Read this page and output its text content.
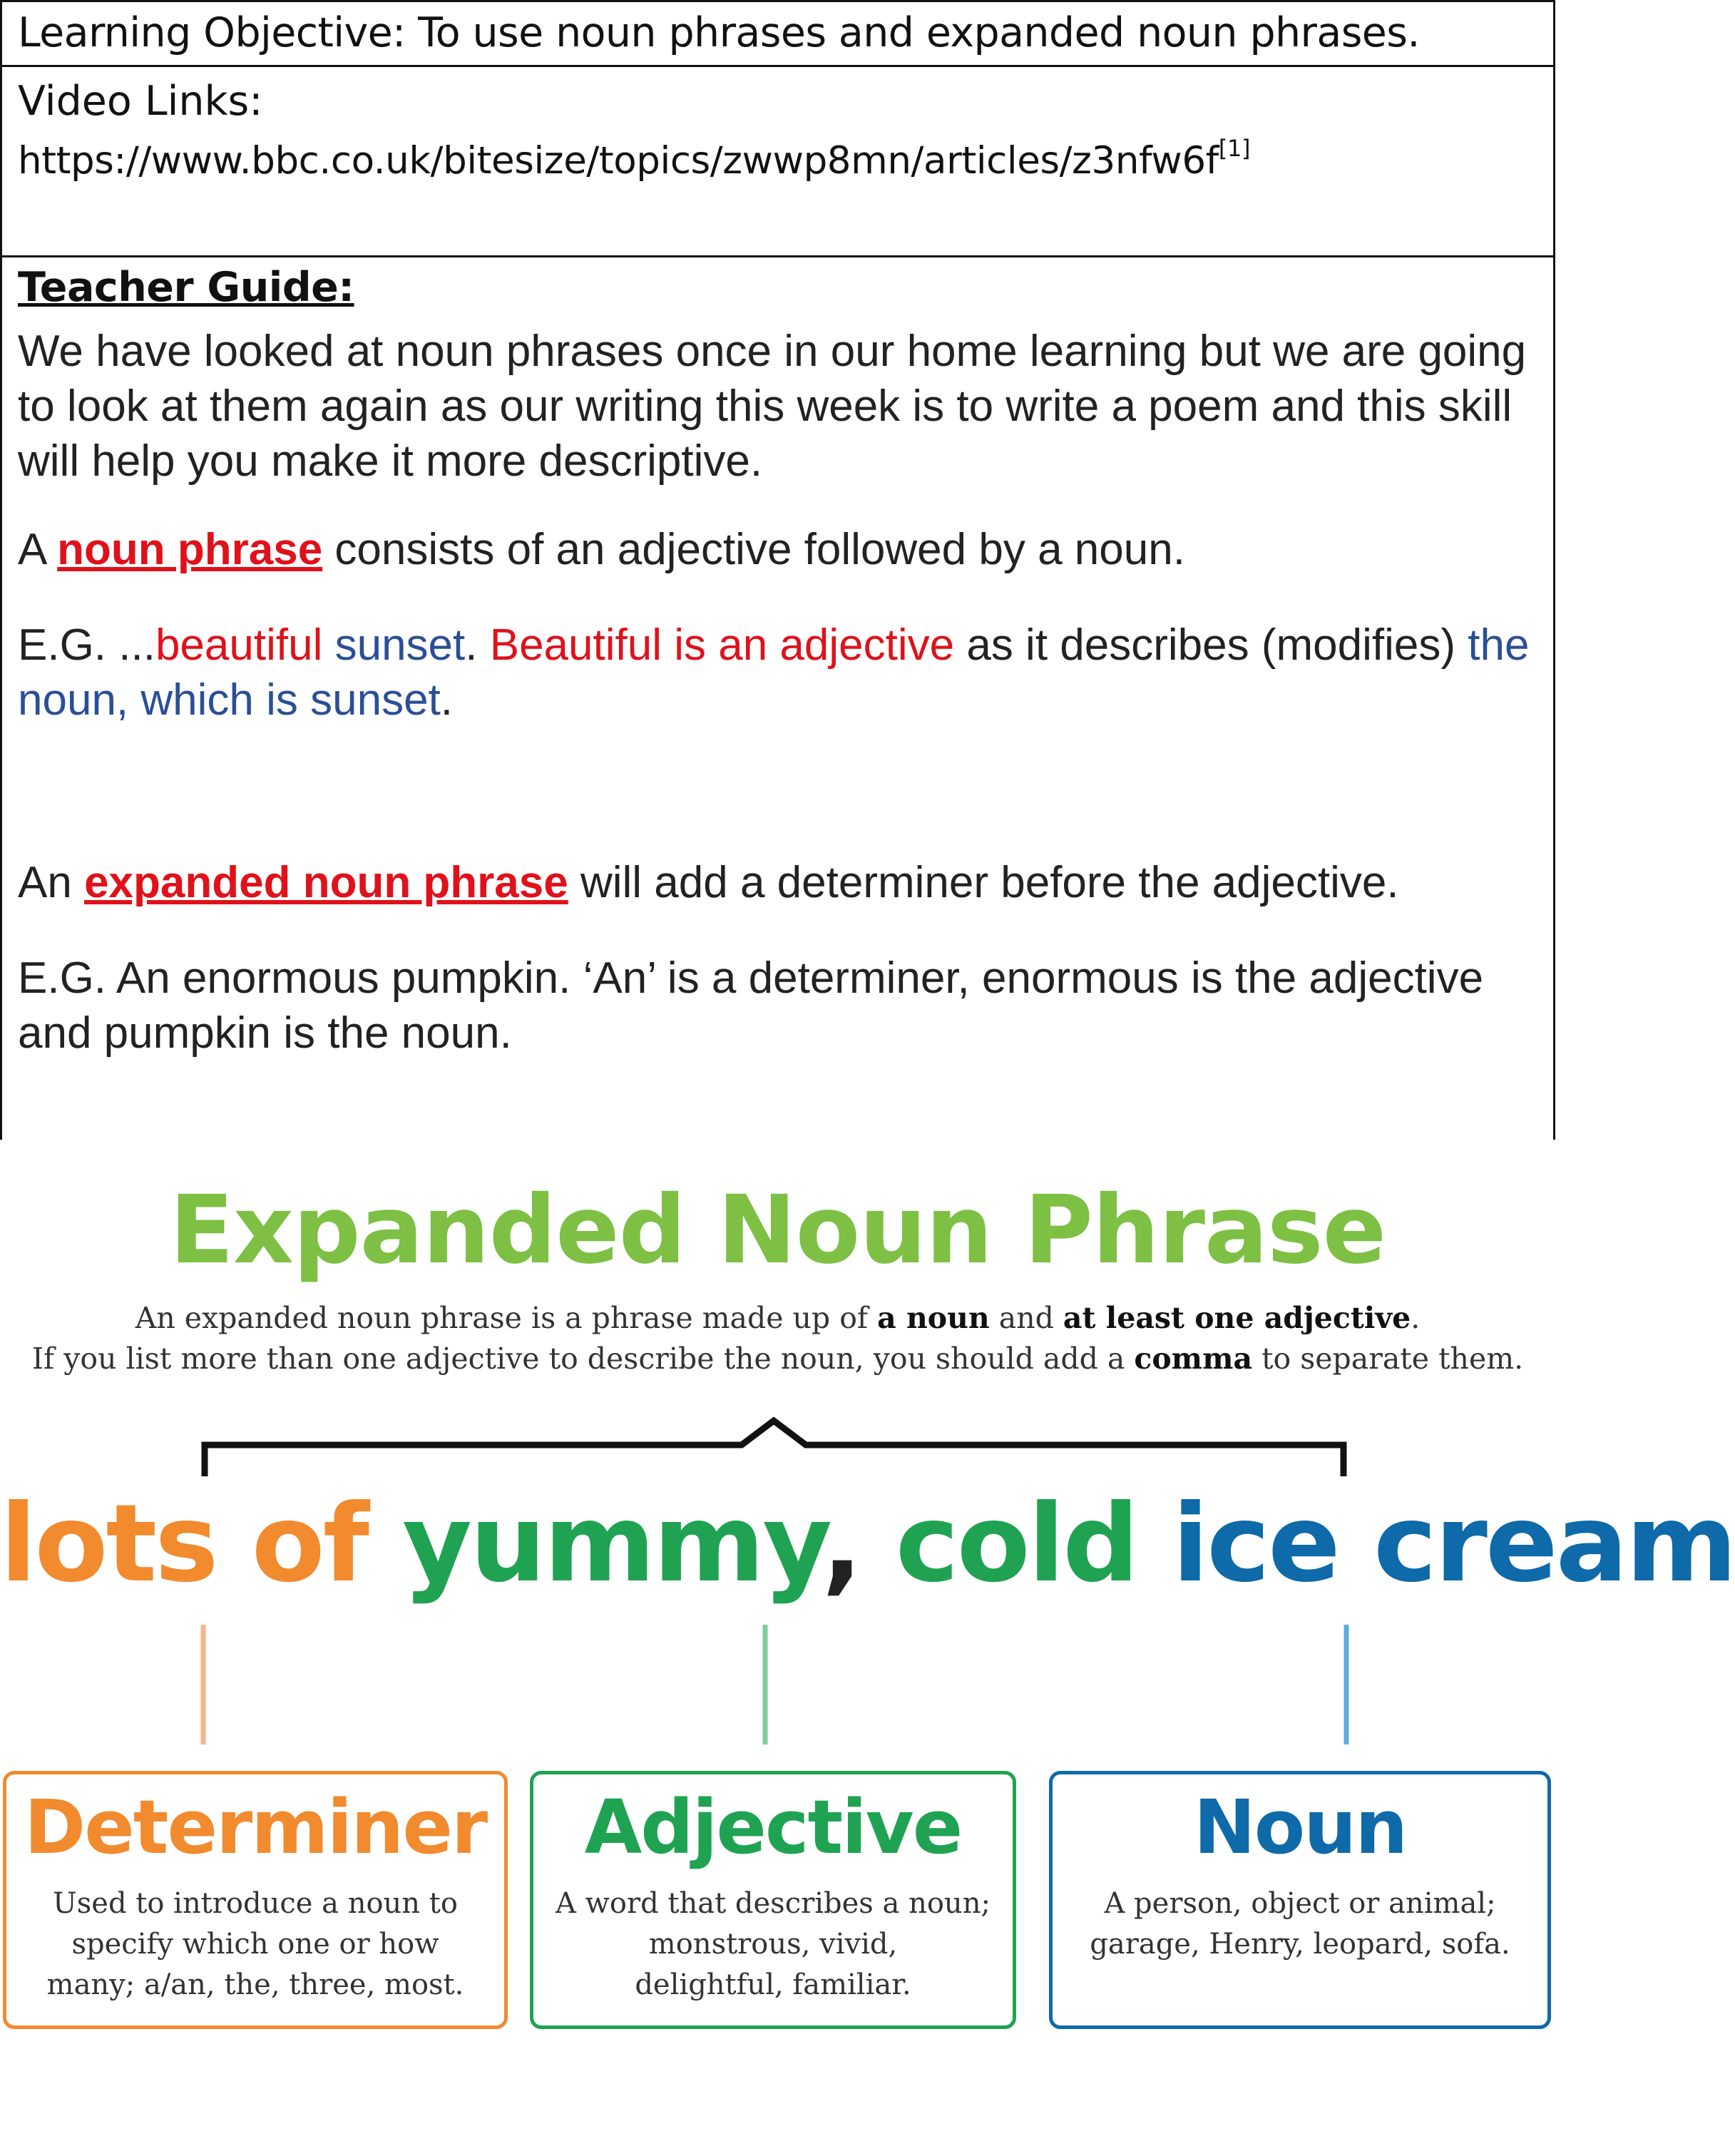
Learning Objective: To use noun phrases and expanded noun phrases.
Video Links:
https://www.bbc.co.uk/bitesize/topics/zwwp8mn/articles/z3nfw6f[1]
Teacher Guide:

We have looked at noun phrases once in our home learning but we are going to look at them again as our writing this week is to write a poem and this skill will help you make it more descriptive.

A noun phrase consists of an adjective followed by a noun.

E.G. ...beautiful sunset. Beautiful is an adjective as it describes (modifies) the noun, which is sunset.

An expanded noun phrase will add a determiner before the adjective.

E.G. An enormous pumpkin. ‘An’ is a determiner, enormous is the adjective and pumpkin is the noun.

Expanded Noun Phrase
An expanded noun phrase is a phrase made up of a noun and at least one adjective.
If you list more than one adjective to describe the noun, you should add a comma to separate them.
lots of yummy, cold ice cream
Determiner
Used to introduce a noun to
specify which one or how
many; a/an, the, three, most.
Adjective
A word that describes a noun;
monstrous, vivid,
delightful, familiar.
Noun
A person, object or animal;
garage, Henry, leopard, sofa.
